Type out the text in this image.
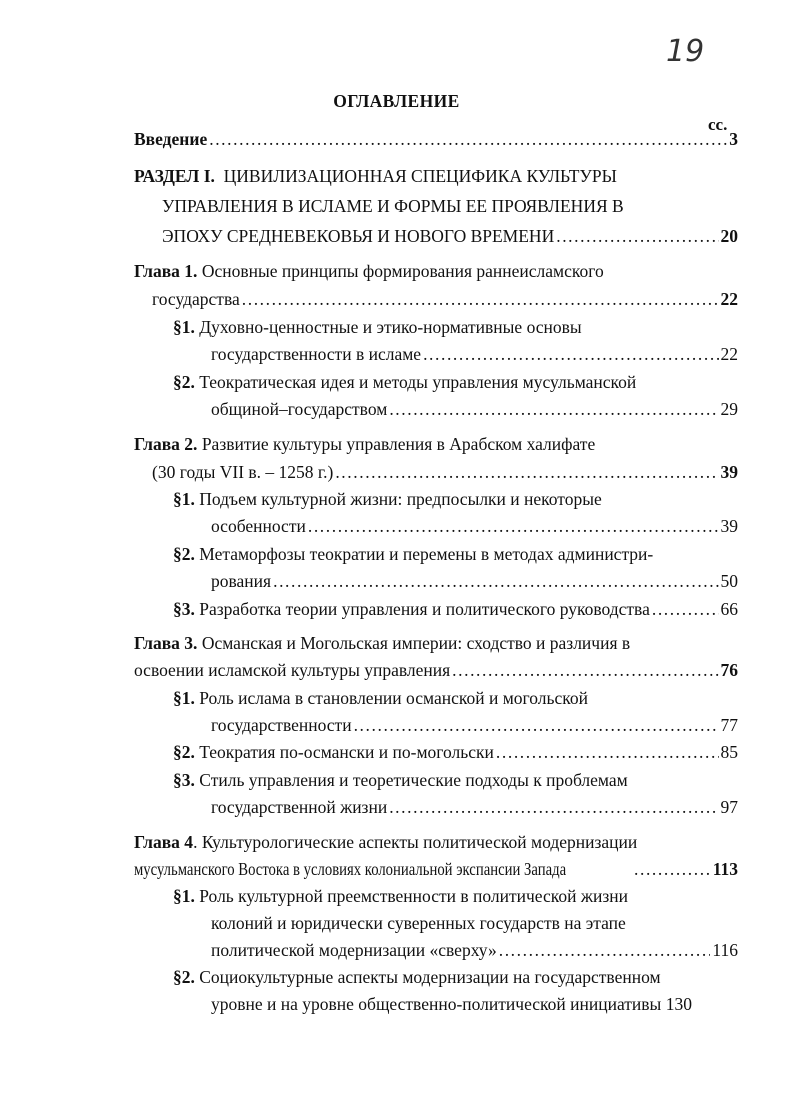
19
ОГЛАВЛЕНИЕ
сс.
Введение .....	3
РАЗДЕЛ I. ЦИВИЛИЗАЦИОННАЯ СПЕЦИФИКА КУЛЬТУРЫ
УПРАВЛЕНИЯ В ИСЛАМЕ И ФОРМЫ ЕЕ ПРОЯВЛЕНИЯ В
ЭПОХУ СРЕДНЕВЕКОВЬЯ И НОВОГО ВРЕМЕНИ .....	20
Глава 1. Основные принципы формирования раннеисламского
государства .....	22
§1. Духовно-ценностные и этико-нормативные основы
государственности в исламе .....	22
§2. Теократическая идея и методы управления мусульманской
общиной–государством .....	29
Глава 2. Развитие культуры управления в Арабском халифате
(30 годы VII в. – 1258 г.) .....	39
§1. Подъем культурной жизни: предпосылки и некоторые
особенности .....	39
§2. Метаморфозы теократии и перемены в методах администри-
рования .....	50
§3.
Разработка теории управления и политического руководства .....	66
Глава 3. Османская и Могольская империи: сходство и различия в
освоении исламской культуры управления .....	76
§1. Роль ислама в становлении османской и могольской
государственности .....	77
§2.
Теократия по-османски и по-могольски .....	85
§3. Стиль управления и теоретические подходы к проблемам
государственной жизни .....	97
Глава 4. Культурологические аспекты политической модернизации
мусульманского Востока в условиях колониальной экспансии Запада .....	113
§1. Роль культурной преемственности в политической жизни
колоний и юридически суверенных государств на этапе
политической модернизации «сверху» .....	116
§2. Социокультурные аспекты модернизации на государственном
уровне и на уровне общественно-политической инициативы 130
